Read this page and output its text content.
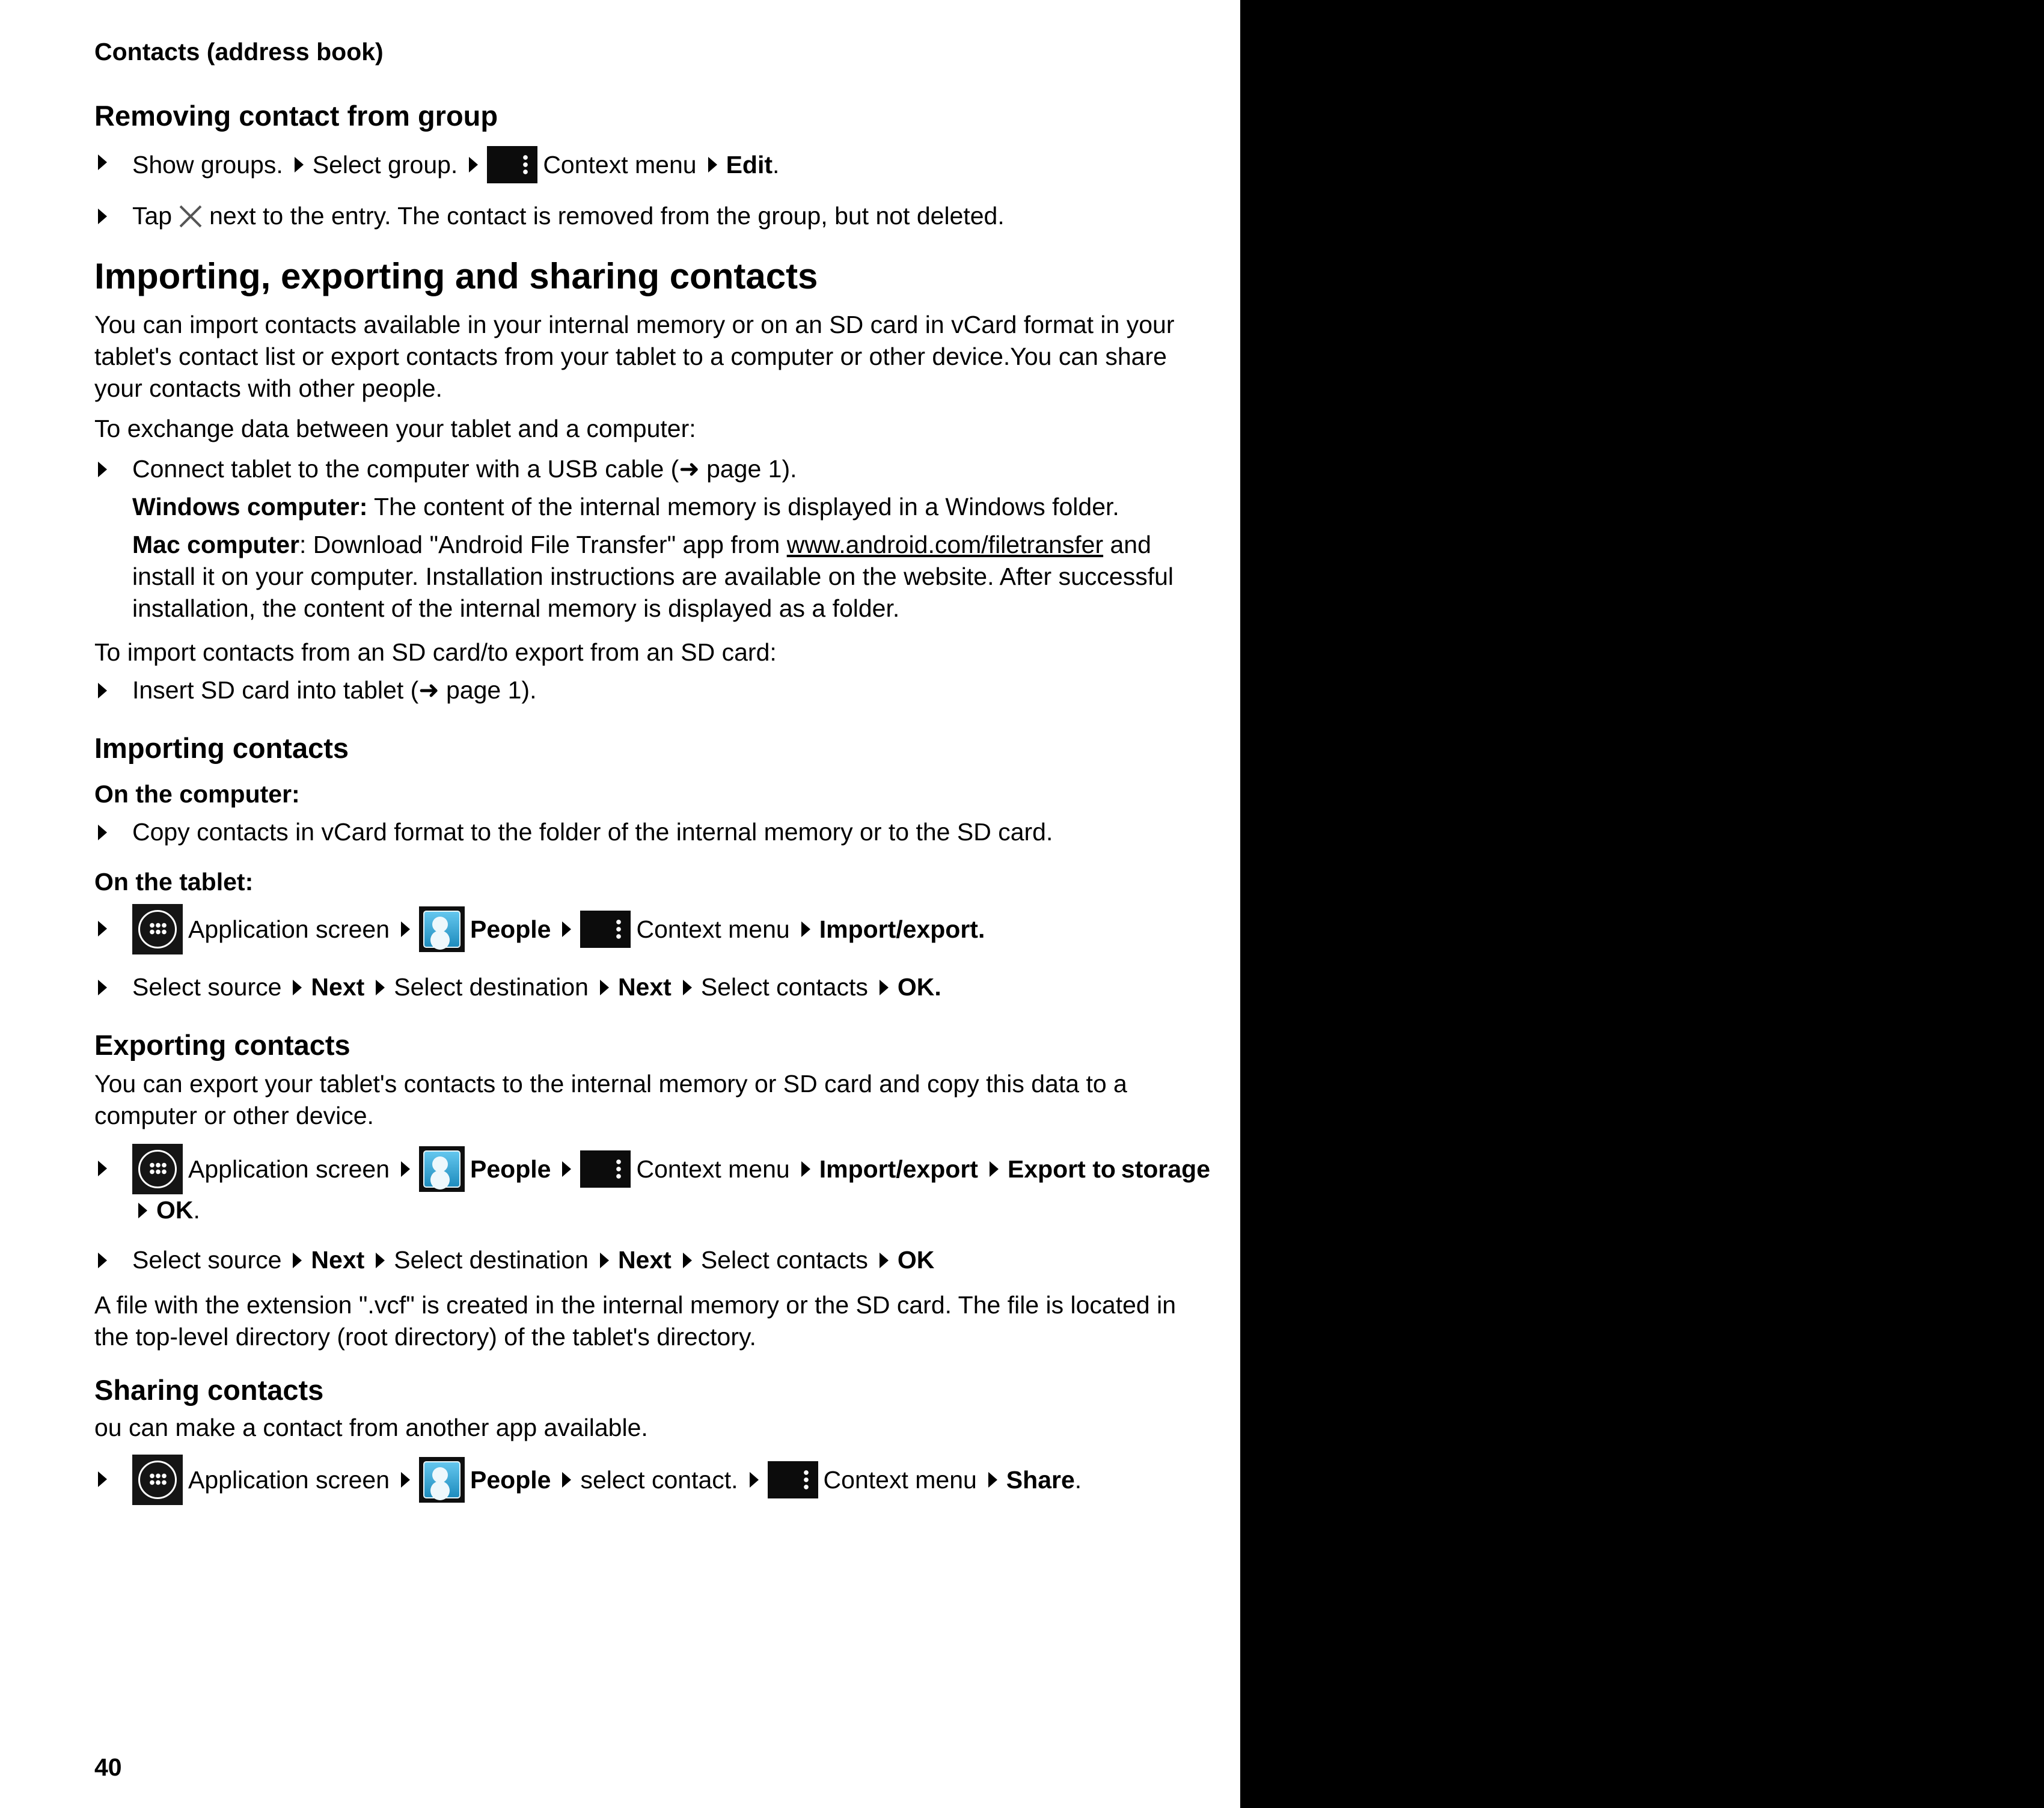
Contacts (address book)
Removing contact from group
Show groups. Select group.	Context menu Edit.
Tap next to the entry. The contact is removed from the group, but not deleted.
Importing, exporting and sharing contacts

You can import contacts available in your internal memory or on an SD card in vCard format in your tablet's contact list or export contacts from your tablet to a computer or other device.You can share your contacts with other people.

To exchange data between your tablet and a computer:

Connect tablet to the computer with a USB cable (➜ page 1).

Windows computer: The content of the internal memory is displayed in a Windows folder.

Mac computer: Download "Android File Transfer" app from www.android.com/filetransfer and install it on your computer. Installation instructions are available on the website. After successful installation, the content of the internal memory is displayed as a folder.

To import contacts from an SD card/to export from an SD card:

Insert SD card into tablet (➜ page 1).
Importing contacts
On the computer:
Copy contacts in vCard format to the folder of the internal memory or to the SD card.
On the tablet:
Application screen	People	Context menu Import/export.
Select source Next Select destination Next Select contacts OK.
Exporting contacts

You can export your tablet's contacts to the internal memory or SD card and copy this data to a computer or other device.

Application screen	People	Context menu Import/export Export to storage
OK.
Select source Next Select destination Next Select contacts OK

A file with the extension ".vcf" is created in the internal memory or the SD card. The file is located in the top-level directory (root directory) of the tablet's directory.

Sharing contacts

ou can make a contact from another app available.

Application screen	People select contact.	Context menu Share.
40
